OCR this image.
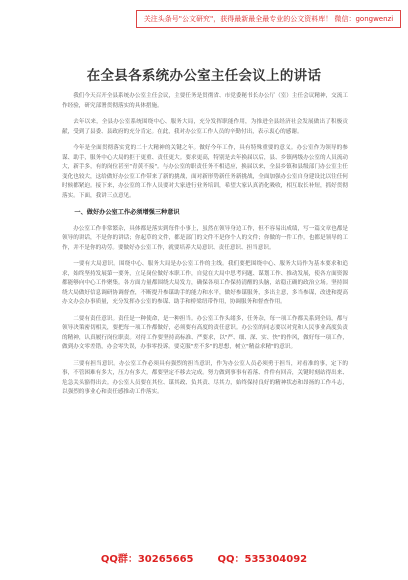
关注头条号"公文研究"，获得最新最全最专业的公文资料库！ 微信：gongwenzi
在全县各系统办公室主任会议上的讲话

我们今天召开全县系统办公室主任会议，主要任务是贯彻省、市党委秘书长办公厅（室）主任会议精神，交流工作经验，研究部署贯彻落实的具体措施。

去年以来，全县办公室系统围绕中心、服务大局，充分发挥职能作用，为推进全县经济社会发展做出了积极贡献，受到了县委、县政府的充分肯定。在此，我对办公室工作人员的辛勤付出，表示衷心的感谢。

今年是全面贯彻落实党的二十大精神的关键之年。做好今年工作，具有特殊重要的意义。办公室作为领导的参谋、助手，服务中心大局的拒于更重、责任更大。要求更高，特别是去年换届以后，县、乡镇两级办公室的人员流动大，新手多，有的岗位甚至"青黄不接"。与办公室的职责任务不相适应，换届以来，全县乡镇和县级部门办公室主任变化也较大，这给做好办公室工作带来了新的挑战，面对新形势新任务新挑战，全面加强办公室自身建设比以往任何时候都紧迫。接下来，办公室的工作人员要对大家进行业务培训，希望大家认真消化吸收，相互取长补短，抓好贯彻落实。下面，我讲三点意见。

一、做好办公室工作必须增强三种意识

办公室工作非常繁杂，具体都是落实到每件小事上，虽然在领导身边工作，但不容易出成绩，写一篇文章也都是领导的讲话，不是你的讲话；你起草的文件，都是部门的文件不是你个人的文件；你做的一件工作，也都是领导的工作，并不是你的功劳。要做好办公室工作，就要培养大局意识、责任意识、担当意识。

一要有大局意识。围绕中心、服务大局是办公室工作的主线。我们要把围绕中心、服务大局作为基本要求和追求，始终坚持发展第一要务，立足岗位做好本职工作，自觉在大局中思考问题、谋划工作、推动发展，使各方面资源都能够向中心工作聚集。各方面力量都围绕大局发力，确保各项工作保持清醒的头脑，站稳正确的政治立场。坚持围绕大局做好信息调研协调督查，不断提升参谋助手的能力和水平，做好参谋服务，多出主意，多当参谋，改进和提高办文办会办事质量，充分发挥办公室的参谋、助手和桥梁纽带作用，协调服务和督查作用。

二要有责任意识。责任是一种使命，是一种担当。办公室工作头绪多，任务杂，每一项工作都关系到全局，都与领导决策密切相关，要把每一项工作都做好，必须要有高度的责任意识。办公室的同志要以对党和人民事业高度负责的精神，认真履行岗位职责。对待工作要坚持高标准、严要求，以"严、细、深、实、快"的作风，做好每一项工作，做到办文零差错，办会零失误，办事零投诉。要克服"差不多"的思想，树立"精益求精"的意识。

三要有担当意识。办公室工作必须具有强烈的担当意识，作为办公室人员必须勇于担当，对看准的事，定下的事，不管困难有多大，压力有多大，都要坚定不移去完成。努力做到事事有着落、件件有回音，关键时刻站得出来、危急关头豁得出去。办公室人员要在其位、谋其政、负其责、尽其力，始终保持良好的精神状态和昂扬的工作斗志，以强烈的事业心和责任感推动工作落实。

QQ群：30265665 QQ：535304092
